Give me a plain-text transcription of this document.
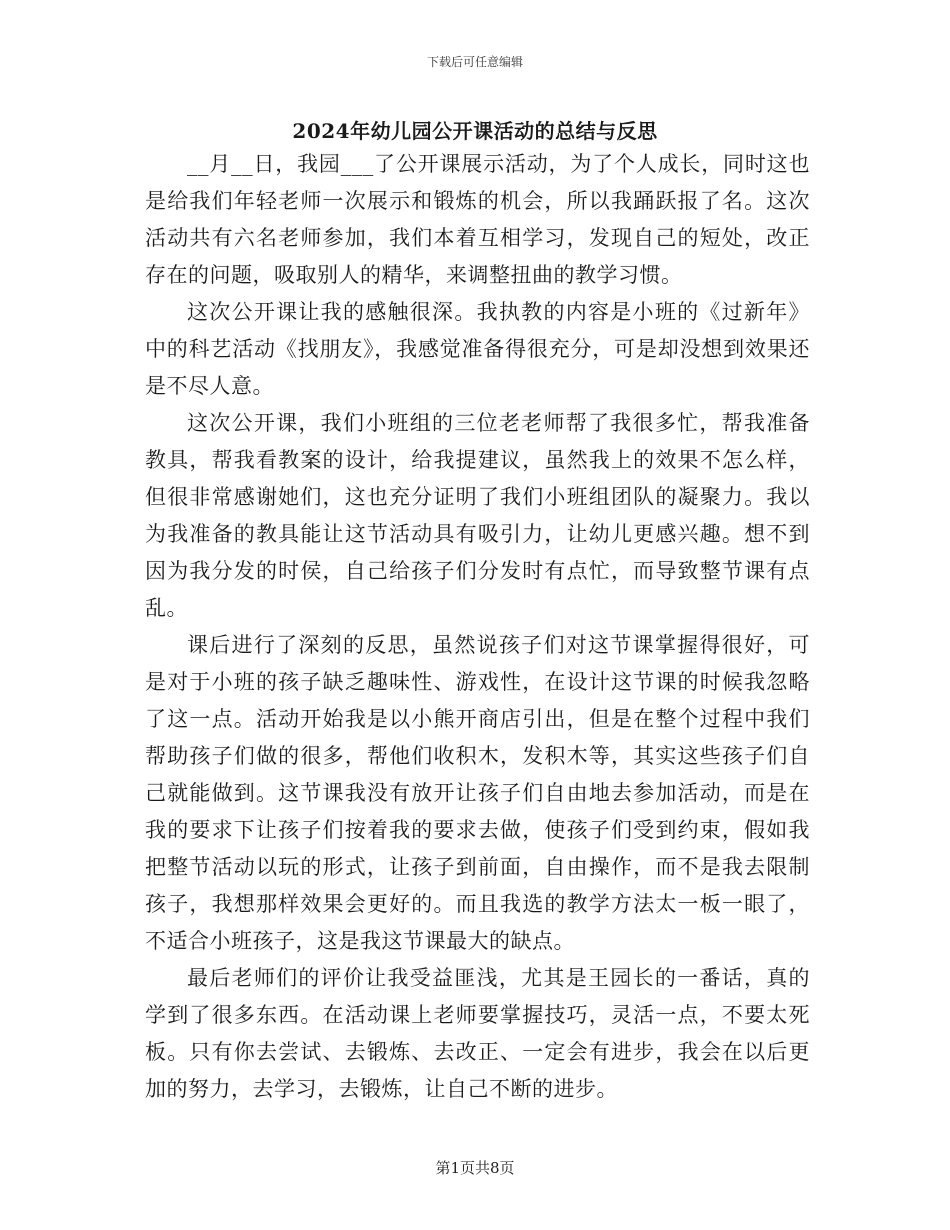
下载后可任意编辑
2024年幼儿园公开课活动的总结与反思

__月__日，我园___了公开课展示活动，为了个人成长，同时这也是给我们年轻老师一次展示和锻炼的机会，所以我踊跃报了名。这次活动共有六名老师参加，我们本着互相学习，发现自己的短处，改正存在的问题，吸取别人的精华，来调整扭曲的教学习惯。

这次公开课让我的感触很深。我执教的内容是小班的《过新年》中的科艺活动《找朋友》，我感觉准备得很充分，可是却没想到效果还是不尽人意。

这次公开课，我们小班组的三位老老师帮了我很多忙，帮我准备教具，帮我看教案的设计，给我提建议，虽然我上的效果不怎么样，但很非常感谢她们，这也充分证明了我们小班组团队的凝聚力。我以为我准备的教具能让这节活动具有吸引力，让幼儿更感兴趣。想不到因为我分发的时侯，自己给孩子们分发时有点忙，而导致整节课有点乱。

课后进行了深刻的反思，虽然说孩子们对这节课掌握得很好，可是对于小班的孩子缺乏趣味性、游戏性，在设计这节课的时候我忽略了这一点。活动开始我是以小熊开商店引出，但是在整个过程中我们帮助孩子们做的很多，帮他们收积木，发积木等，其实这些孩子们自己就能做到。这节课我没有放开让孩子们自由地去参加活动，而是在我的要求下让孩子们按着我的要求去做，使孩子们受到约束，假如我把整节活动以玩的形式，让孩子到前面，自由操作，而不是我去限制孩子，我想那样效果会更好的。而且我选的教学方法太一板一眼了，不适合小班孩子，这是我这节课最大的缺点。

最后老师们的评价让我受益匪浅，尤其是王园长的一番话，真的学到了很多东西。在活动课上老师要掌握技巧，灵活一点，不要太死板。只有你去尝试、去锻炼、去改正、一定会有进步，我会在以后更加的努力，去学习，去锻炼，让自己不断的进步。

第1页共8页
